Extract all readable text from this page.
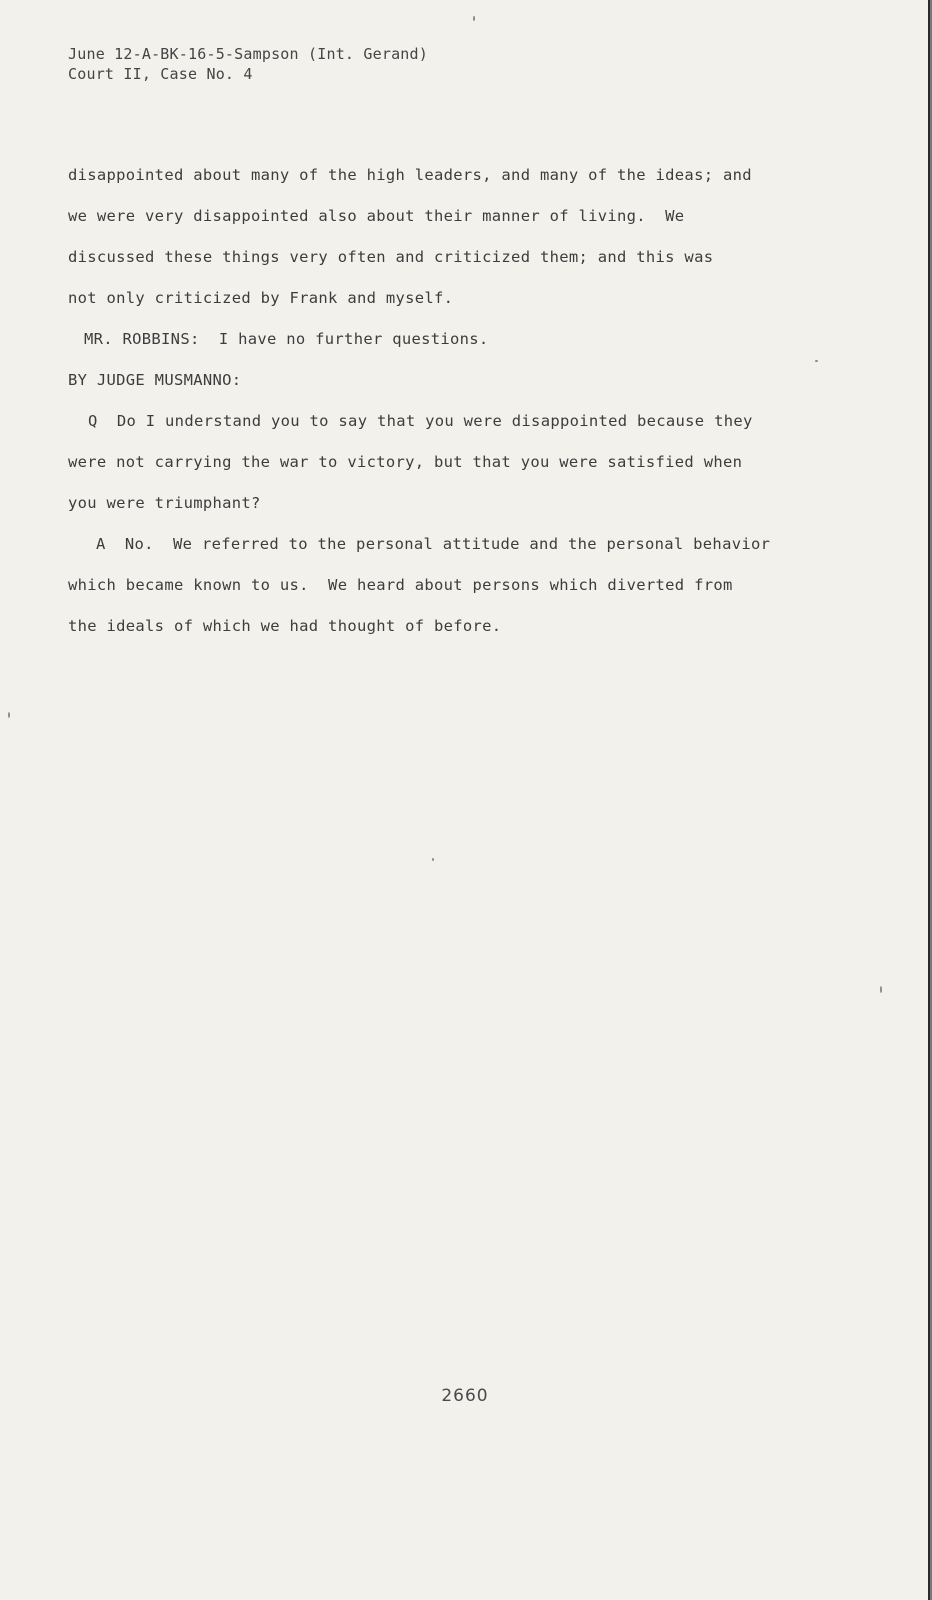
June 12-A-BK-16-5-Sampson (Int. Gerand)
Court II, Case No. 4
disappointed about many of the high leaders, and many of the ideas; and
we were very disappointed also about their manner of living.  We
discussed these things very often and criticized them; and this was
not only criticized by Frank and myself.
MR. ROBBINS:  I have no further questions.
BY JUDGE MUSMANNO:
Q  Do I understand you to say that you were disappointed because they
were not carrying the war to victory, but that you were satisfied when
you were triumphant?
A  No.  We referred to the personal attitude and the personal behavior
which became known to us.  We heard about persons which diverted from
the ideals of which we had thought of before.
2660
